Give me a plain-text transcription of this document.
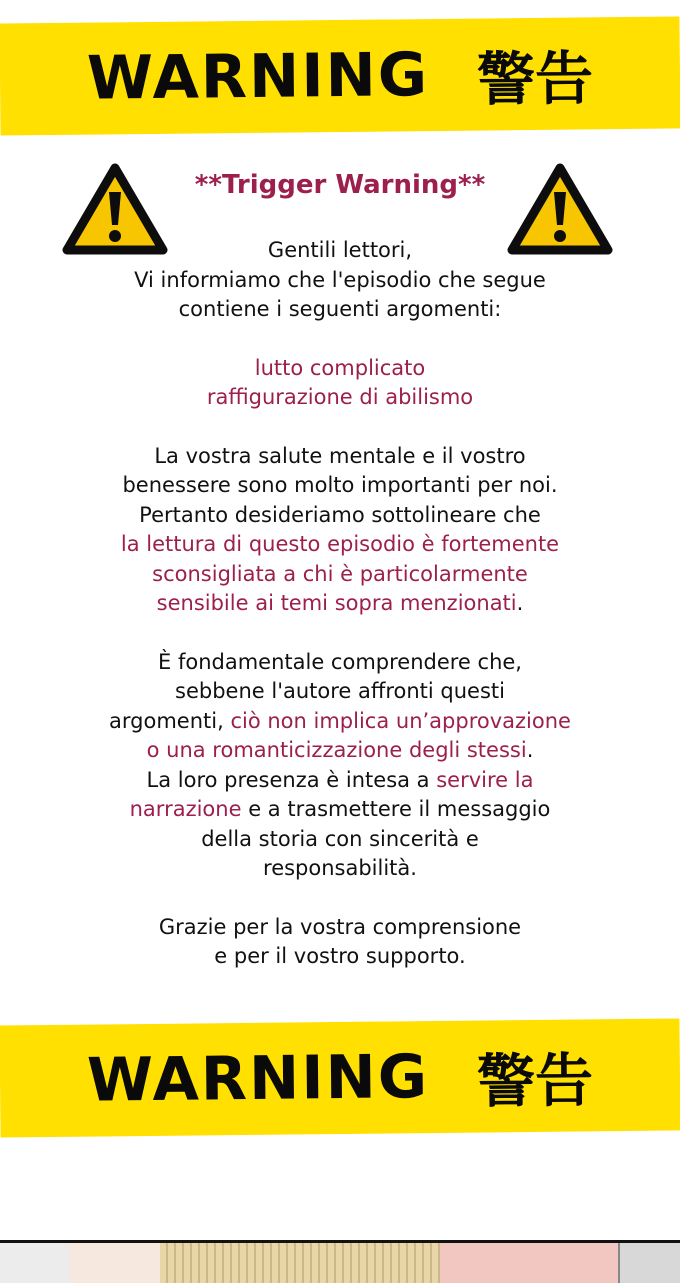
WARNING 警告
**Trigger Warning**

Gentili lettori,

Vi informiamo che l'episodio che segue

contiene i seguenti argomenti:

lutto complicato

raffigurazione di abilismo

La vostra salute mentale e il vostro

benessere sono molto importanti per noi.

Pertanto desideriamo sottolineare che

la lettura di questo episodio è fortemente

sconsigliata a chi è particolarmente

sensibile ai temi sopra menzionati.

È fondamentale comprendere che,

sebbene l'autore affronti questi

argomenti, ciò non implica un’approvazione

o una romanticizzazione degli stessi.

La loro presenza è intesa a servire la

narrazione e a trasmettere il messaggio

della storia con sincerità e

responsabilità.

Grazie per la vostra comprensione

e per il vostro supporto.

WARNING 警告
